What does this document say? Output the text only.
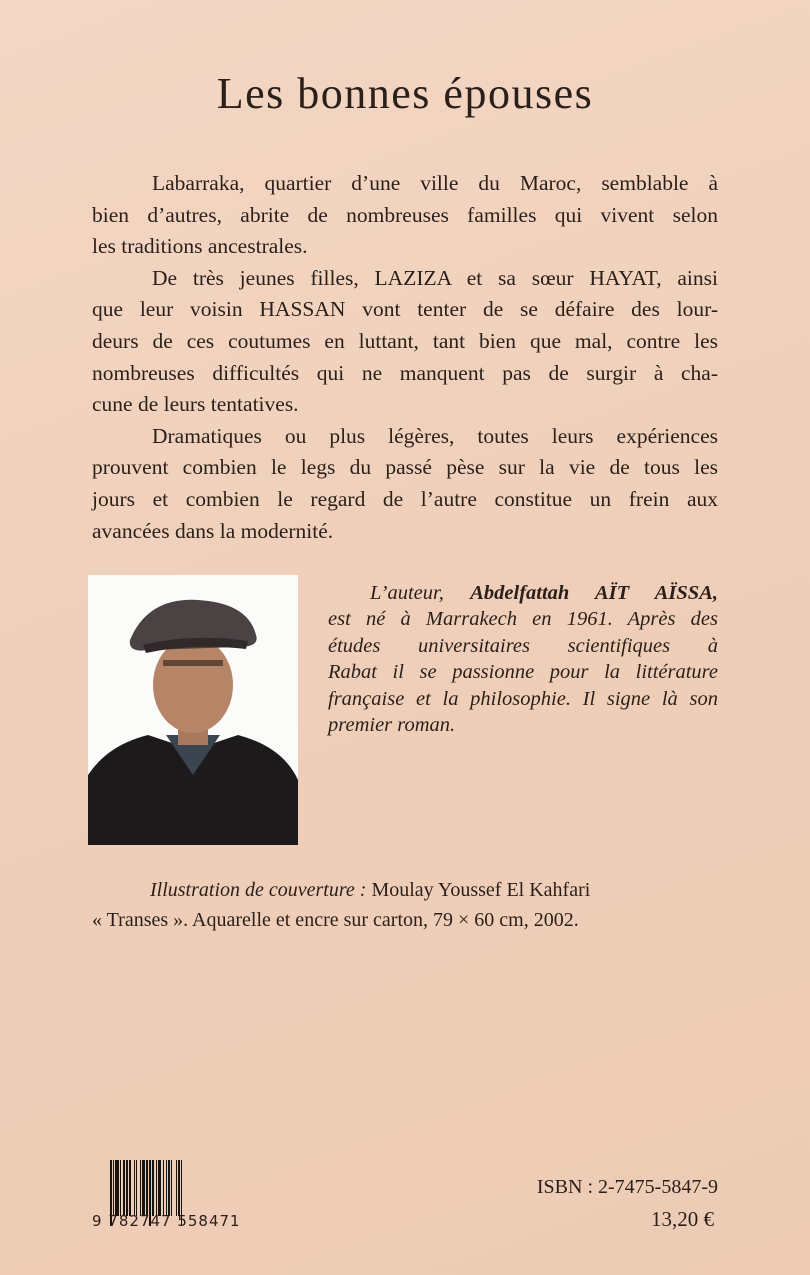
Les bonnes épouses
Labarraka, quartier d’une ville du Maroc, semblable à
bien d’autres, abrite de nombreuses familles qui vivent selon
les traditions ancestrales.
De très jeunes filles, LAZIZA et sa sœur HAYAT, ainsi
que leur voisin HASSAN vont tenter de se défaire des lour-
deurs de ces coutumes en luttant, tant bien que mal, contre les
nombreuses difficultés qui ne manquent pas de surgir à cha-
cune de leurs tentatives.
Dramatiques ou plus légères, toutes leurs expériences
prouvent combien le legs du passé pèse sur la vie de tous les
jours et combien le regard de l’autre constitue un frein aux
avancées dans la modernité.
L’auteur, Abdelfattah AÏT AÏSSA,
est né à Marrakech en 1961. Après des
études universitaires scientifiques à
Rabat il se passionne pour la littérature
française et la philosophie. Il signe là son
premier roman.
Illustration de couverture : Moulay Youssef El Kahfari
« Transes ». Aquarelle et encre sur carton, 79 × 60 cm, 2002.
9 782747 558471
ISBN : 2-7475-5847-9
13,20 €
